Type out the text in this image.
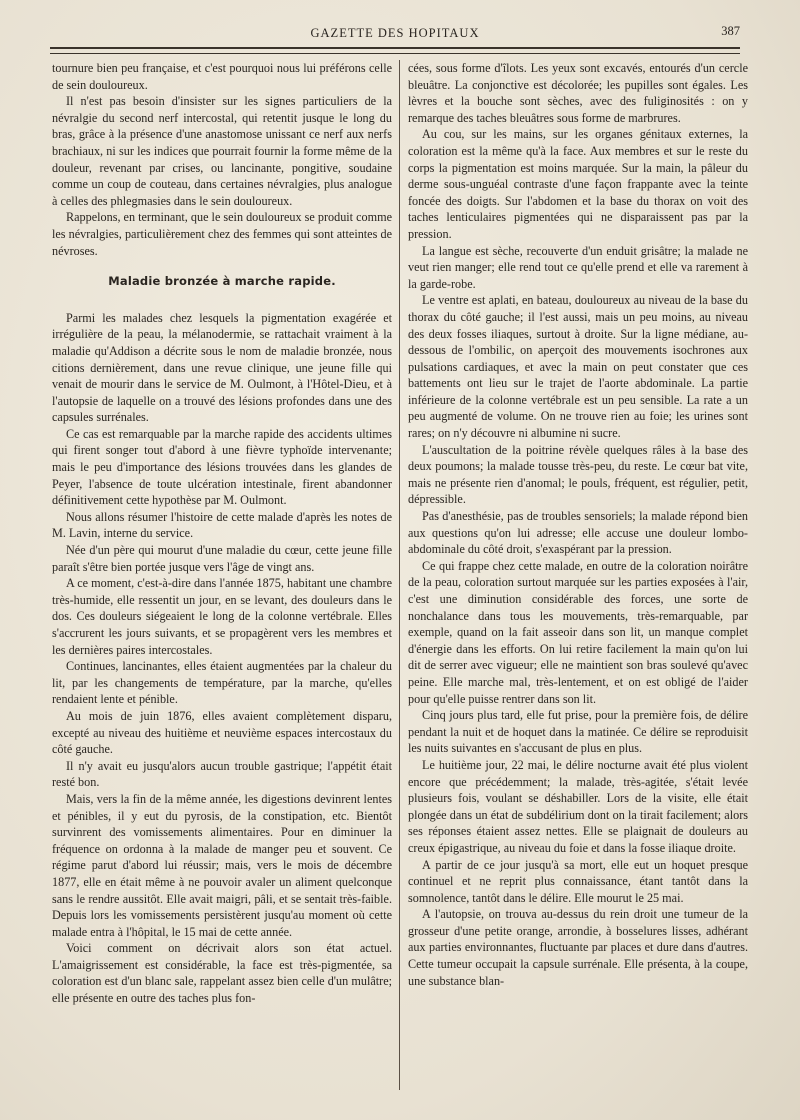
GAZETTE DES HOPITAUX	387

tournure bien peu française, et c'est pourquoi nous lui préférons celle de sein douloureux.

Il n'est pas besoin d'insister sur les signes particuliers de la névralgie du second nerf intercostal, qui retentit jusque le long du bras, grâce à la présence d'une anastomose unissant ce nerf aux nerfs brachiaux, ni sur les indices que pourrait fournir la forme même de la douleur, revenant par crises, ou lancinante, pongitive, soudaine comme un coup de couteau, dans certaines névralgies, plus analogue à celles des phlegmasies dans le sein douloureux.

Rappelons, en terminant, que le sein douloureux se produit comme les névralgies, particulièrement chez des femmes qui sont atteintes de névroses.

Maladie bronzée à marche rapide.

Parmi les malades chez lesquels la pigmentation exagérée et irrégulière de la peau, la mélanodermie, se rattachait vraiment à la maladie qu'Addison a décrite sous le nom de maladie bronzée, nous citions dernièrement, dans une revue clinique, une jeune fille qui venait de mourir dans le service de M. Oulmont, à l'Hôtel-Dieu, et à l'autopsie de laquelle on a trouvé des lésions profondes dans une des capsules surrénales.

Ce cas est remarquable par la marche rapide des accidents ultimes qui firent songer tout d'abord à une fièvre typhoïde intervenante; mais le peu d'importance des lésions trouvées dans les glandes de Peyer, l'absence de toute ulcération intestinale, firent abandonner définitivement cette hypothèse par M. Oulmont.

Nous allons résumer l'histoire de cette malade d'après les notes de M. Lavin, interne du service.

Née d'un père qui mourut d'une maladie du cœur, cette jeune fille paraît s'être bien portée jusque vers l'âge de vingt ans.

A ce moment, c'est-à-dire dans l'année 1875, habitant une chambre très-humide, elle ressentit un jour, en se levant, des douleurs dans le dos. Ces douleurs siégeaient le long de la colonne vertébrale. Elles s'accrurent les jours suivants, et se propagèrent vers les membres et les dernières paires intercostales.

Continues, lancinantes, elles étaient augmentées par la chaleur du lit, par les changements de température, par la marche, qu'elles rendaient lente et pénible.

Au mois de juin 1876, elles avaient complètement disparu, excepté au niveau des huitième et neuvième espaces intercostaux du côté gauche.

Il n'y avait eu jusqu'alors aucun trouble gastrique; l'appétit était resté bon.

Mais, vers la fin de la même année, les digestions devinrent lentes et pénibles, il y eut du pyrosis, de la constipation, etc. Bientôt survinrent des vomissements alimentaires. Pour en diminuer la fréquence on ordonna à la malade de manger peu et souvent. Ce régime parut d'abord lui réussir; mais, vers le mois de décembre 1877, elle en était même à ne pouvoir avaler un aliment quelconque sans le rendre aussitôt. Elle avait maigri, pâli, et se sentait très-faible. Depuis lors les vomissements persistèrent jusqu'au moment où cette malade entra à l'hôpital, le 15 mai de cette année.

Voici comment on décrivait alors son état actuel. L'amaigrissement est considérable, la face est très-pigmentée, sa coloration est d'un blanc sale, rappelant assez bien celle d'un mulâtre; elle présente en outre des taches plus fon-

cées, sous forme d'îlots. Les yeux sont excavés, entourés d'un cercle bleuâtre. La conjonctive est décolorée; les pupilles sont égales. Les lèvres et la bouche sont sèches, avec des fuliginosités : on y remarque des taches bleuâtres sous forme de marbrures.

Au cou, sur les mains, sur les organes génitaux externes, la coloration est la même qu'à la face. Aux membres et sur le reste du corps la pigmentation est moins marquée. Sur la main, la pâleur du derme sous-unguéal contraste d'une façon frappante avec la teinte foncée des doigts. Sur l'abdomen et la base du thorax on voit des taches lenticulaires pigmentées qui ne disparaissent pas par la pression.

La langue est sèche, recouverte d'un enduit grisâtre; la malade ne veut rien manger; elle rend tout ce qu'elle prend et elle va rarement à la garde-robe.

Le ventre est aplati, en bateau, douloureux au niveau de la base du thorax du côté gauche; il l'est aussi, mais un peu moins, au niveau des deux fosses iliaques, surtout à droite. Sur la ligne médiane, au-dessous de l'ombilic, on aperçoit des mouvements isochrones aux pulsations cardiaques, et avec la main on peut constater que ces battements ont lieu sur le trajet de l'aorte abdominale. La partie inférieure de la colonne vertébrale est un peu sensible. La rate a un peu augmenté de volume. On ne trouve rien au foie; les urines sont rares; on n'y découvre ni albumine ni sucre.

L'auscultation de la poitrine révèle quelques râles à la base des deux poumons; la malade tousse très-peu, du reste. Le cœur bat vite, mais ne présente rien d'anomal; le pouls, fréquent, est régulier, petit, dépressible.

Pas d'anesthésie, pas de troubles sensoriels; la malade répond bien aux questions qu'on lui adresse; elle accuse une douleur lombo-abdominale du côté droit, s'exaspérant par la pression.

Ce qui frappe chez cette malade, en outre de la coloration noirâtre de la peau, coloration surtout marquée sur les parties exposées à l'air, c'est une diminution considérable des forces, une sorte de nonchalance dans tous les mouvements, très-remarquable, par exemple, quand on la fait asseoir dans son lit, un manque complet d'énergie dans les efforts. On lui retire facilement la main qu'on lui dit de serrer avec vigueur; elle ne maintient son bras soulevé qu'avec peine. Elle marche mal, très-lentement, et on est obligé de l'aider pour qu'elle puisse rentrer dans son lit.

Cinq jours plus tard, elle fut prise, pour la première fois, de délire pendant la nuit et de hoquet dans la matinée. Ce délire se reproduisit les nuits suivantes en s'accusant de plus en plus.

Le huitième jour, 22 mai, le délire nocturne avait été plus violent encore que précédemment; la malade, très-agitée, s'était levée plusieurs fois, voulant se déshabiller. Lors de la visite, elle était plongée dans un état de subdélirium dont on la tirait facilement; alors ses réponses étaient assez nettes. Elle se plaignait de douleurs au creux épigastrique, au niveau du foie et dans la fosse iliaque droite.

A partir de ce jour jusqu'à sa mort, elle eut un hoquet presque continuel et ne reprit plus connaissance, étant tantôt dans la somnolence, tantôt dans le délire. Elle mourut le 25 mai.

A l'autopsie, on trouva au-dessus du rein droit une tumeur de la grosseur d'une petite orange, arrondie, à bosselures lisses, adhérant aux parties environnantes, fluctuante par places et dure dans d'autres. Cette tumeur occupait la capsule surrénale. Elle présenta, à la coupe, une substance blan-
